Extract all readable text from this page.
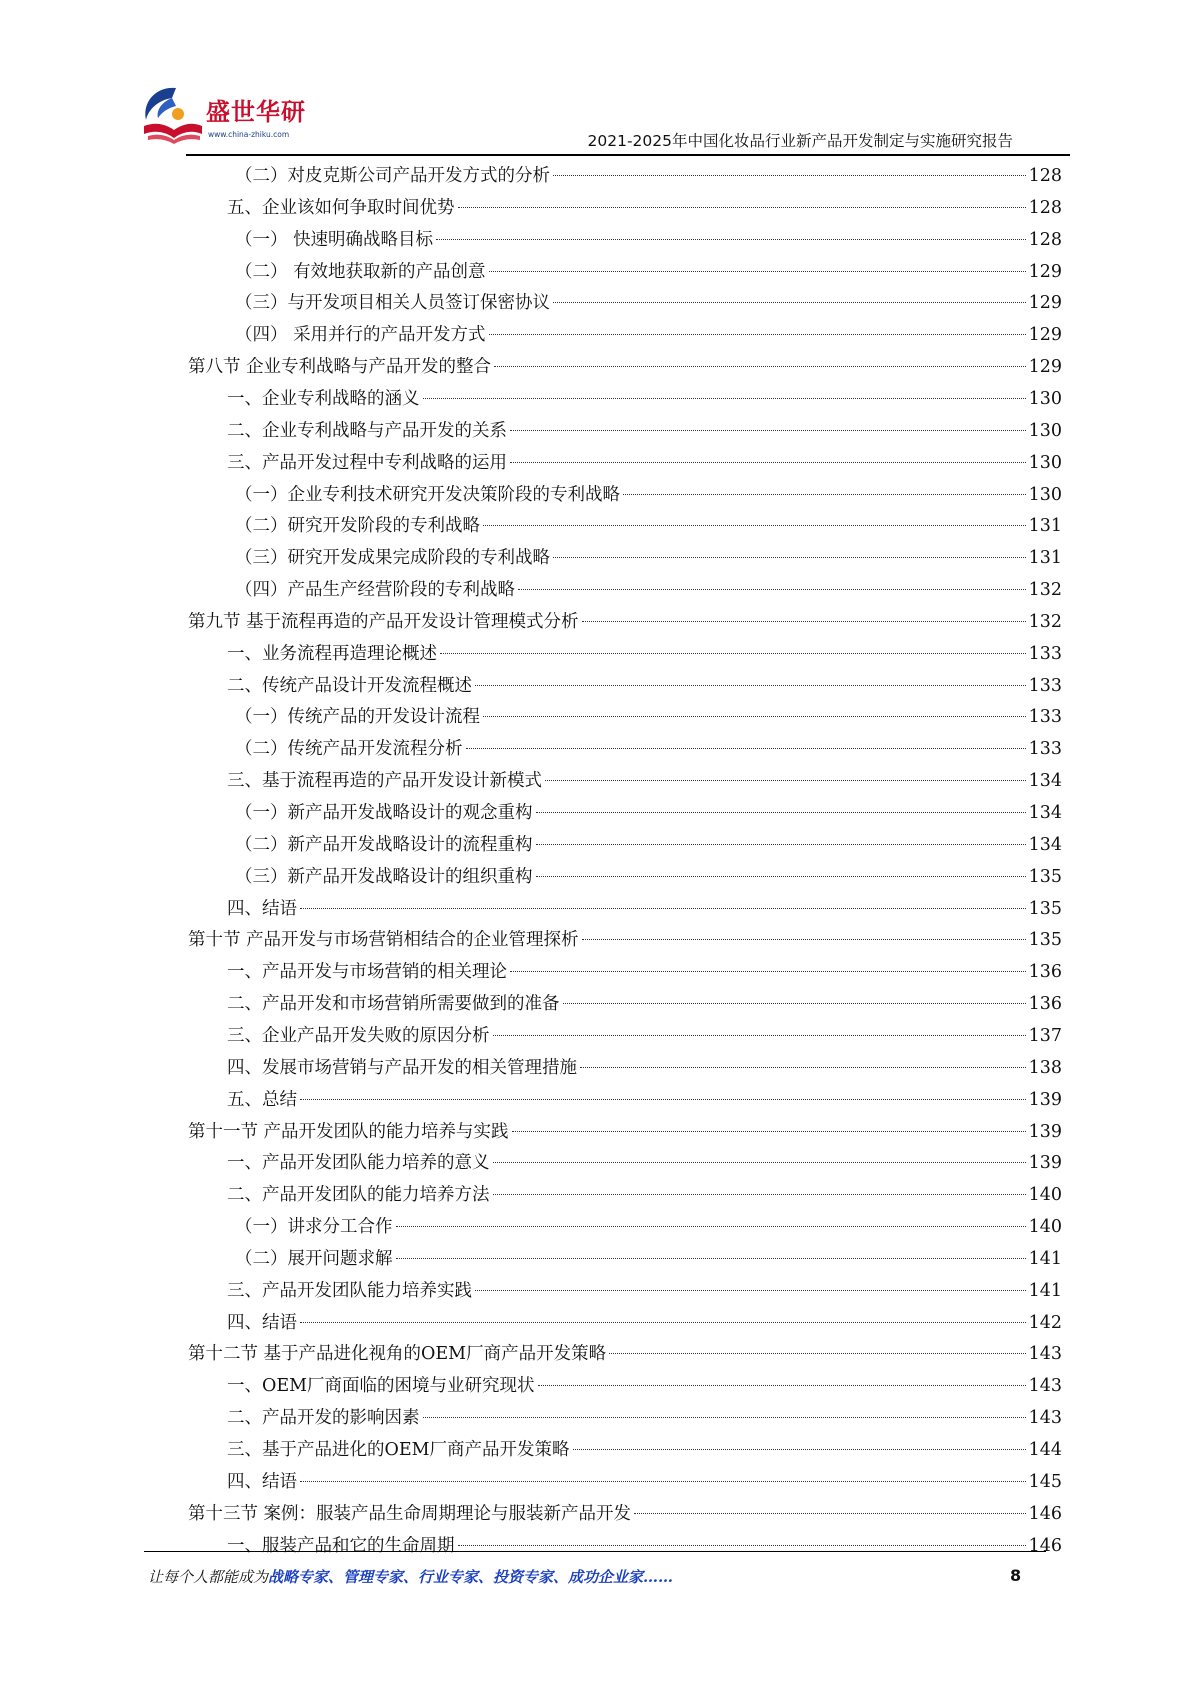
盛世华研
www.china-zhiku.com	2021-2025年中国化妆品行业新产品开发制定与实施研究报告
（二）对皮克斯公司产品开发方式的分析	128
五、企业该如何争取时间优势	128
（一） 快速明确战略目标	128
（二） 有效地获取新的产品创意	129
（三）与开发项目相关人员签订保密协议	129
（四） 采用并行的产品开发方式	129
第八节 企业专利战略与产品开发的整合	129
一、企业专利战略的涵义	130
二、企业专利战略与产品开发的关系	130
三、产品开发过程中专利战略的运用	130
（一）企业专利技术研究开发决策阶段的专利战略	130
（二）研究开发阶段的专利战略	131
（三）研究开发成果完成阶段的专利战略	131
（四）产品生产经营阶段的专利战略	132
第九节 基于流程再造的产品开发设计管理模式分析	132
一、业务流程再造理论概述	133
二、传统产品设计开发流程概述	133
（一）传统产品的开发设计流程	133
（二）传统产品开发流程分析	133
三、基于流程再造的产品开发设计新模式	134
（一）新产品开发战略设计的观念重构	134
（二）新产品开发战略设计的流程重构	134
（三）新产品开发战略设计的组织重构	135
四、结语	135
第十节 产品开发与市场营销相结合的企业管理探析	135
一、产品开发与市场营销的相关理论	136
二、产品开发和市场营销所需要做到的准备	136
三、企业产品开发失败的原因分析	137
四、发展市场营销与产品开发的相关管理措施	138
五、总结	139
第十一节 产品开发团队的能力培养与实践	139
一、产品开发团队能力培养的意义	139
二、产品开发团队的能力培养方法	140
（一）讲求分工合作	140
（二）展开问题求解	141
三、产品开发团队能力培养实践	141
四、结语	142
第十二节 基于产品进化视角的OEM厂商产品开发策略	143
一、OEM厂商面临的困境与业研究现状	143
二、产品开发的影响因素	143
三、基于产品进化的OEM厂商产品开发策略	144
四、结语	145
第十三节 案例：服装产品生命周期理论与服装新产品开发	146
一、服装产品和它的生命周期	146
让每个人都能成为战略专家、管理专家、行业专家、投资专家、成功企业家……	8
